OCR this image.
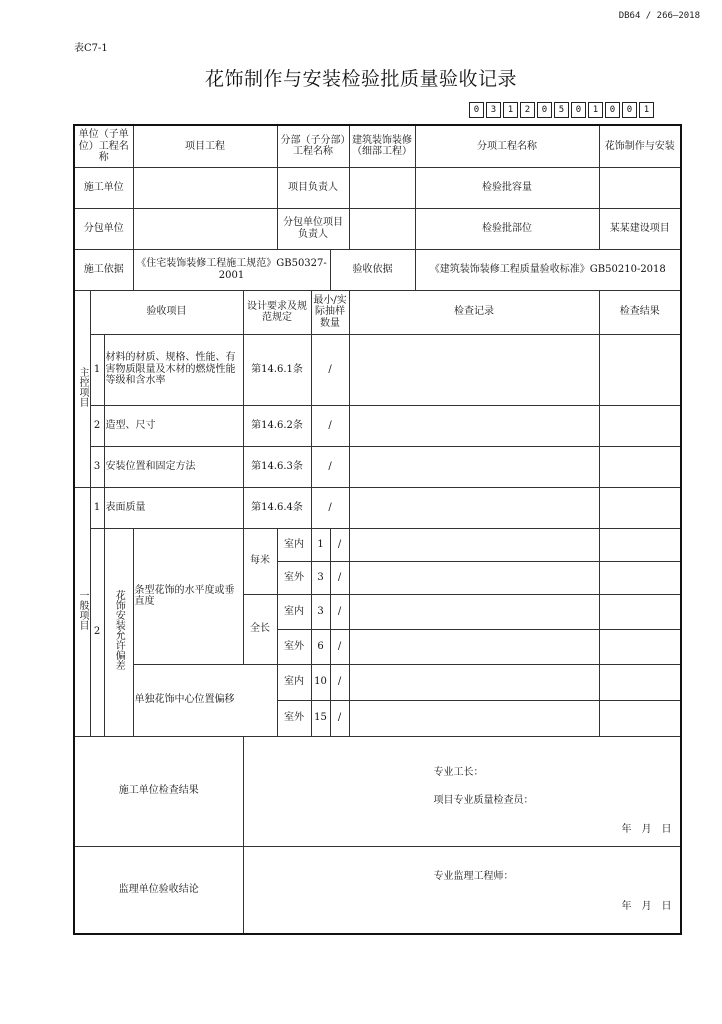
DB64 / 266—2018
表C7-1
花饰制作与安装检验批质量验收记录
0	3	1	2	0	5	0	1	0	0	1
单位（子单位）工程名称			项目工程		分部（子分部）工程名称			建筑装饰装修（细部工程）	分项工程名称	花饰制作与安装
施工单位					项目负责人				检验批容量	
分包单位					分包单位项目负责人				检验批部位	某某建设项目
施工依据			《住宅装饰装修工程施工规范》GB50327-2001				验收依据		《建筑装饰装修工程质量验收标准》GB50210-2018	
主控项目	验收项目			设计要求及规范规定		最小/实际抽样数量		检查记录		检查结果
	1	材料的材质、规格、性能、有害物质限量及木材的燃烧性能等级和含水率		第14.6.1条		/				
	2	造型、尺寸		第14.6.2条		/				
	3	安装位置和固定方法		第14.6.3条		/				
一般项目	1	表面质量		第14.6.4条		/				
	2	花饰安装允许偏差	条型花饰的水平度或垂直度	每米	室内	1	/			
					室外	3	/			
				全长	室内	3	/			
					室外	6	/			
			单独花饰中心位置偏移		室内	10	/			
					室外	15	/			
施工单位检查结果				专业工长：
项目专业质量检查员：
年　月　日						

监理单位验收结论				专业监理工程师：
年　月　日						
